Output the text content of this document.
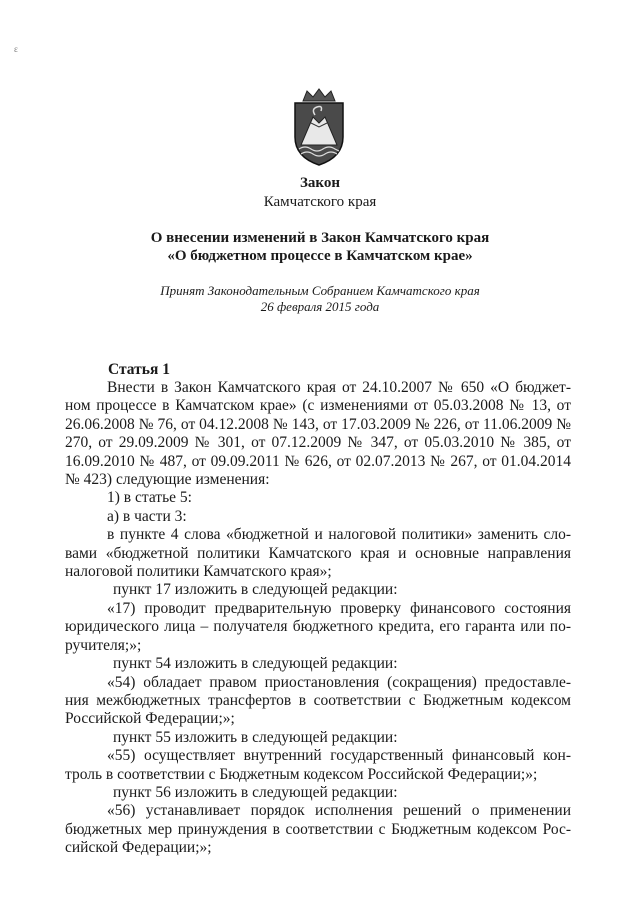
ε
Закон
Камчатского края
О внесении изменений в Закон Камчатского края
«О бюджетном процессе в Камчатском крае»
Принят Законодательным Собранием Камчатского края
26 февраля 2015 года
Статья 1

Внести в Закон Камчатского края от 24.10.2007 № 650 «О бюджет-ном процессе в Камчатском крае» (с изменениями от 05.03.2008 № 13, от 26.06.2008 № 76, от 04.12.2008 № 143, от 17.03.2009 № 226, от 11.06.2009 № 270, от 29.09.2009 № 301, от 07.12.2009 № 347, от 05.03.2010 № 385, от 16.09.2010 № 487, от 09.09.2011 № 626, от 02.07.2013 № 267, от 01.04.2014 № 423) следующие изменения:

1) в статье 5:

а) в части 3:

в пункте 4 слова «бюджетной и налоговой политики» заменить сло-вами «бюджетной политики Камчатского края и основные направления налоговой политики Камчатского края»;

пункт 17 изложить в следующей редакции:

«17) проводит предварительную проверку финансового состояния юридического лица – получателя бюджетного кредита, его гаранта или по-ручителя;»;

пункт 54 изложить в следующей редакции:

«54) обладает правом приостановления (сокращения) предоставле-ния межбюджетных трансфертов в соответствии с Бюджетным кодексом Российской Федерации;»;

пункт 55 изложить в следующей редакции:

«55) осуществляет внутренний государственный финансовый кон-троль в соответствии с Бюджетным кодексом Российской Федерации;»;

пункт 56 изложить в следующей редакции:

«56) устанавливает порядок исполнения решений о применении бюджетных мер принуждения в соответствии с Бюджетным кодексом Рос-сийской Федерации;»;
